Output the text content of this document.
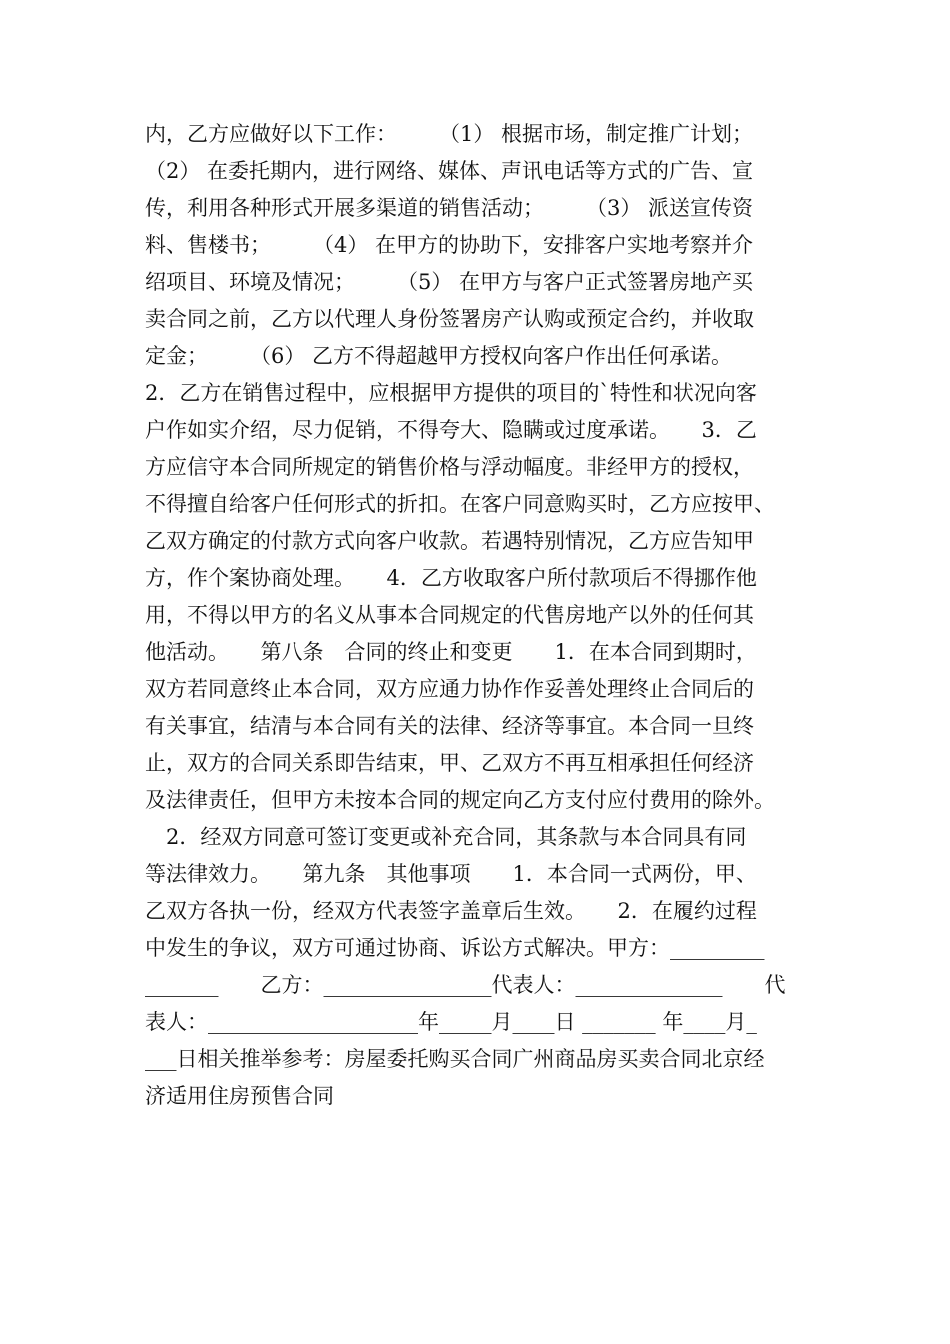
内，乙方应做好以下工作：　　　（1） 根据市场，制定推广计划；
（2） 在委托期内，进行网络、媒体、声讯电话等方式的广告、宣
传，利用各种形式开展多渠道的销售活动；　　　（3） 派送宣传资
料、售楼书；　　　（4） 在甲方的协助下，安排客户实地考察并介
绍项目、环境及情况；　　　（5） 在甲方与客户正式签署房地产买
卖合同之前，乙方以代理人身份签署房产认购或预定合约，并收取
定金；　　　（6） 乙方不得超越甲方授权向客户作出任何承诺。
2．乙方在销售过程中，应根据甲方提供的项目的`特性和状况向客
户作如实介绍，尽力促销，不得夸大、隐瞒或过度承诺。　　3．乙
方应信守本合同所规定的销售价格与浮动幅度。非经甲方的授权，
不得擅自给客户任何形式的折扣。在客户同意购买时，乙方应按甲、
乙双方确定的付款方式向客户收款。若遇特别情况，乙方应告知甲
方，作个案协商处理。　　4．乙方收取客户所付款项后不得挪作他
用，不得以甲方的名义从事本合同规定的代售房地产以外的任何其
他活动。　　第八条　合同的终止和变更　　1．在本合同到期时，
双方若同意终止本合同，双方应通力协作作妥善处理终止合同后的
有关事宜，结清与本合同有关的法律、经济等事宜。本合同一旦终
止，双方的合同关系即告结束，甲、乙双方不再互相承担任何经济
及法律责任，但甲方未按本合同的规定向乙方支付应付费用的除外。
　2．经双方同意可签订变更或补充合同，其条款与本合同具有同
等法律效力。　　第九条　其他事项　　1．本合同一式两份，甲、
乙双方各执一份，经双方代表签字盖章后生效。　　2．在履约过程
中发生的争议，双方可通过协商、诉讼方式解决。甲方：_________
_______　　乙方：________________代表人：______________　　代
表人：____________________年_____月____日 _______ 年____月_
___日相关推举参考：房屋委托购买合同广州商品房买卖合同北京经
济适用住房预售合同
